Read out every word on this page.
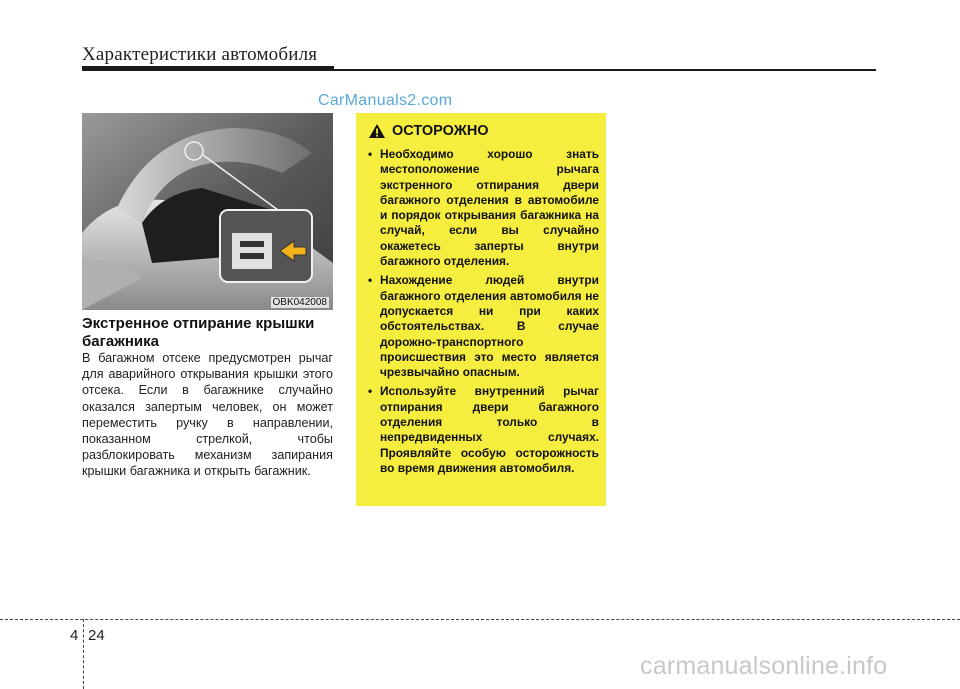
Характеристики автомобиля
CarManuals2.com
OBK042008
Экстренное отпирание крышки багажника
В багажном отсеке предусмотрен рычаг для аварийного открывания крышки этого отсека. Если в багажнике случайно оказался запертым человек, он может переместить ручку в направлении, показанном стрелкой, чтобы разблокировать механизм запирания крышки багажника и открыть багажник.
ОСТОРОЖНО
• Необходимо хорошо знать местоположение рычага экстренного отпирания двери багажного отделения в автомобиле и порядок открывания багажника на случай, если вы случайно окажетесь заперты внутри багажного отделения.
• Нахождение людей внутри багажного отделения автомобиля не допускается ни при каких обстоятельствах. В случае дорожно-транспортного происшествия это место является чрезвычайно опасным.
• Используйте внутренний рычаг отпирания двери багажного отделения только в непредвиденных случаях. Проявляйте особую осторожность во время движения автомобиля.
4 24
carmanualsonline.info
